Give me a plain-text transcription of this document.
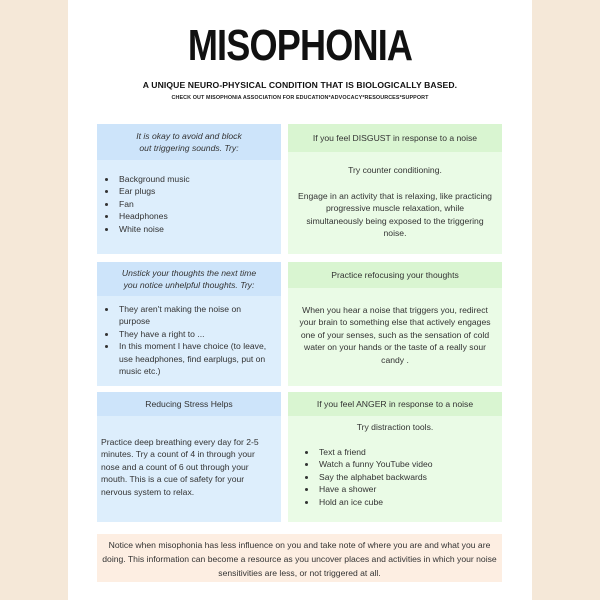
MISOPHONIA
A UNIQUE NEURO-PHYSICAL CONDITION THAT IS BIOLOGICALLY BASED.
CHECK OUT MISOPHONIA ASSOCIATION FOR EDUCATION*ADVOCACY*RESOURCES*SUPPORT
It is okay to avoid and block
out triggering sounds. Try:
• Background music
• Ear plugs
• Fan
• Headphones
• White noise
If you feel DISGUST in response to a noise
Try counter conditioning.
Engage in an activity that is relaxing, like practicing progressive muscle relaxation, while simultaneously being exposed to the triggering noise.
Unstick your thoughts the next time
you notice unhelpful thoughts. Try:
• They aren't making the noise on purpose
• They have a right to ...
• In this moment I have choice (to leave, use headphones, find earplugs, put on music etc.)
Practice refocusing your thoughts
When you hear a noise that triggers you, redirect your brain to something else that actively engages one of your senses, such as the sensation of cold water on your hands or the taste of a really sour candy .
Reducing Stress Helps
Practice deep breathing every day for 2-5 minutes. Try a count of 4 in through your nose and a count of 6 out through your mouth. This is a cue of safety for your nervous system to relax.
If you feel ANGER in response to a noise
Try distraction tools.
• Text a friend
• Watch a funny YouTube video
• Say the alphabet backwards
• Have a shower
• Hold an ice cube
Notice when misophonia has less influence on you and take note of where you are and what you are doing. This information can become a resource as you uncover places and activities in which your noise sensitivities are less, or not triggered at all.
